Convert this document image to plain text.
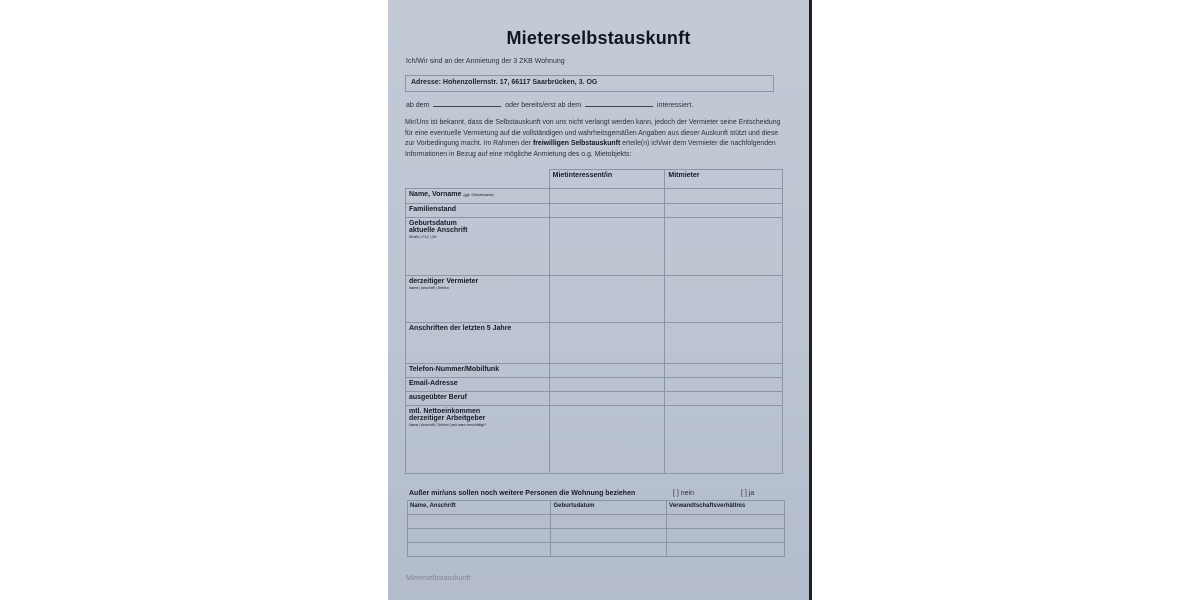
Mieterselbstauskunft
Ich/Wir sind an der Anmietung der 3 ZKB Wohnung
Adresse: Hohenzollernstr. 17, 66117 Saarbrücken, 3. OG
ab dem	oder bereits/erst ab dem	interessiert.
Mir/Uns ist bekannt, dass die Selbstauskunft von uns nicht verlangt werden kann, jedoch der Vermieter seine Entscheidung für eine eventuelle Vermietung auf die vollständigen und wahrheitsgemäßen Angaben aus dieser Auskunft stützt und diese zur Vorbedingung macht. Im Rahmen der freiwilligen Selbstauskunft erteile(n) ich/wir dem Vermieter die nachfolgenden Informationen in Bezug auf eine mögliche Anmietung des o.g. Mietobjekts:
	Mietinteressent/in	Mitmieter
Name, Vorname (ggf. Geburtsname)		
Familienstand		
Geburtsdatum
aktuelle Anschrift
Straße | PLZ | Ort		

derzeitiger Vermieter
Name | Anschrift | Telefon		

Anschriften der letzten 5 Jahre		
Telefon-Nummer/Mobilfunk		
Email-Adresse		
ausgeübter Beruf		
mtl. Nettoeinkommen
derzeitiger Arbeitgeber
Name | Anschrift | Telefon | seit wann beschäftigt?		

Außer mir/uns sollen noch weitere Personen die Wohnung beziehen	[ ] nein	[ ] ja
Name, Anschrift	Geburtsdatum	Verwandtschaftsverhältnis

Mieterselbstauskunft
